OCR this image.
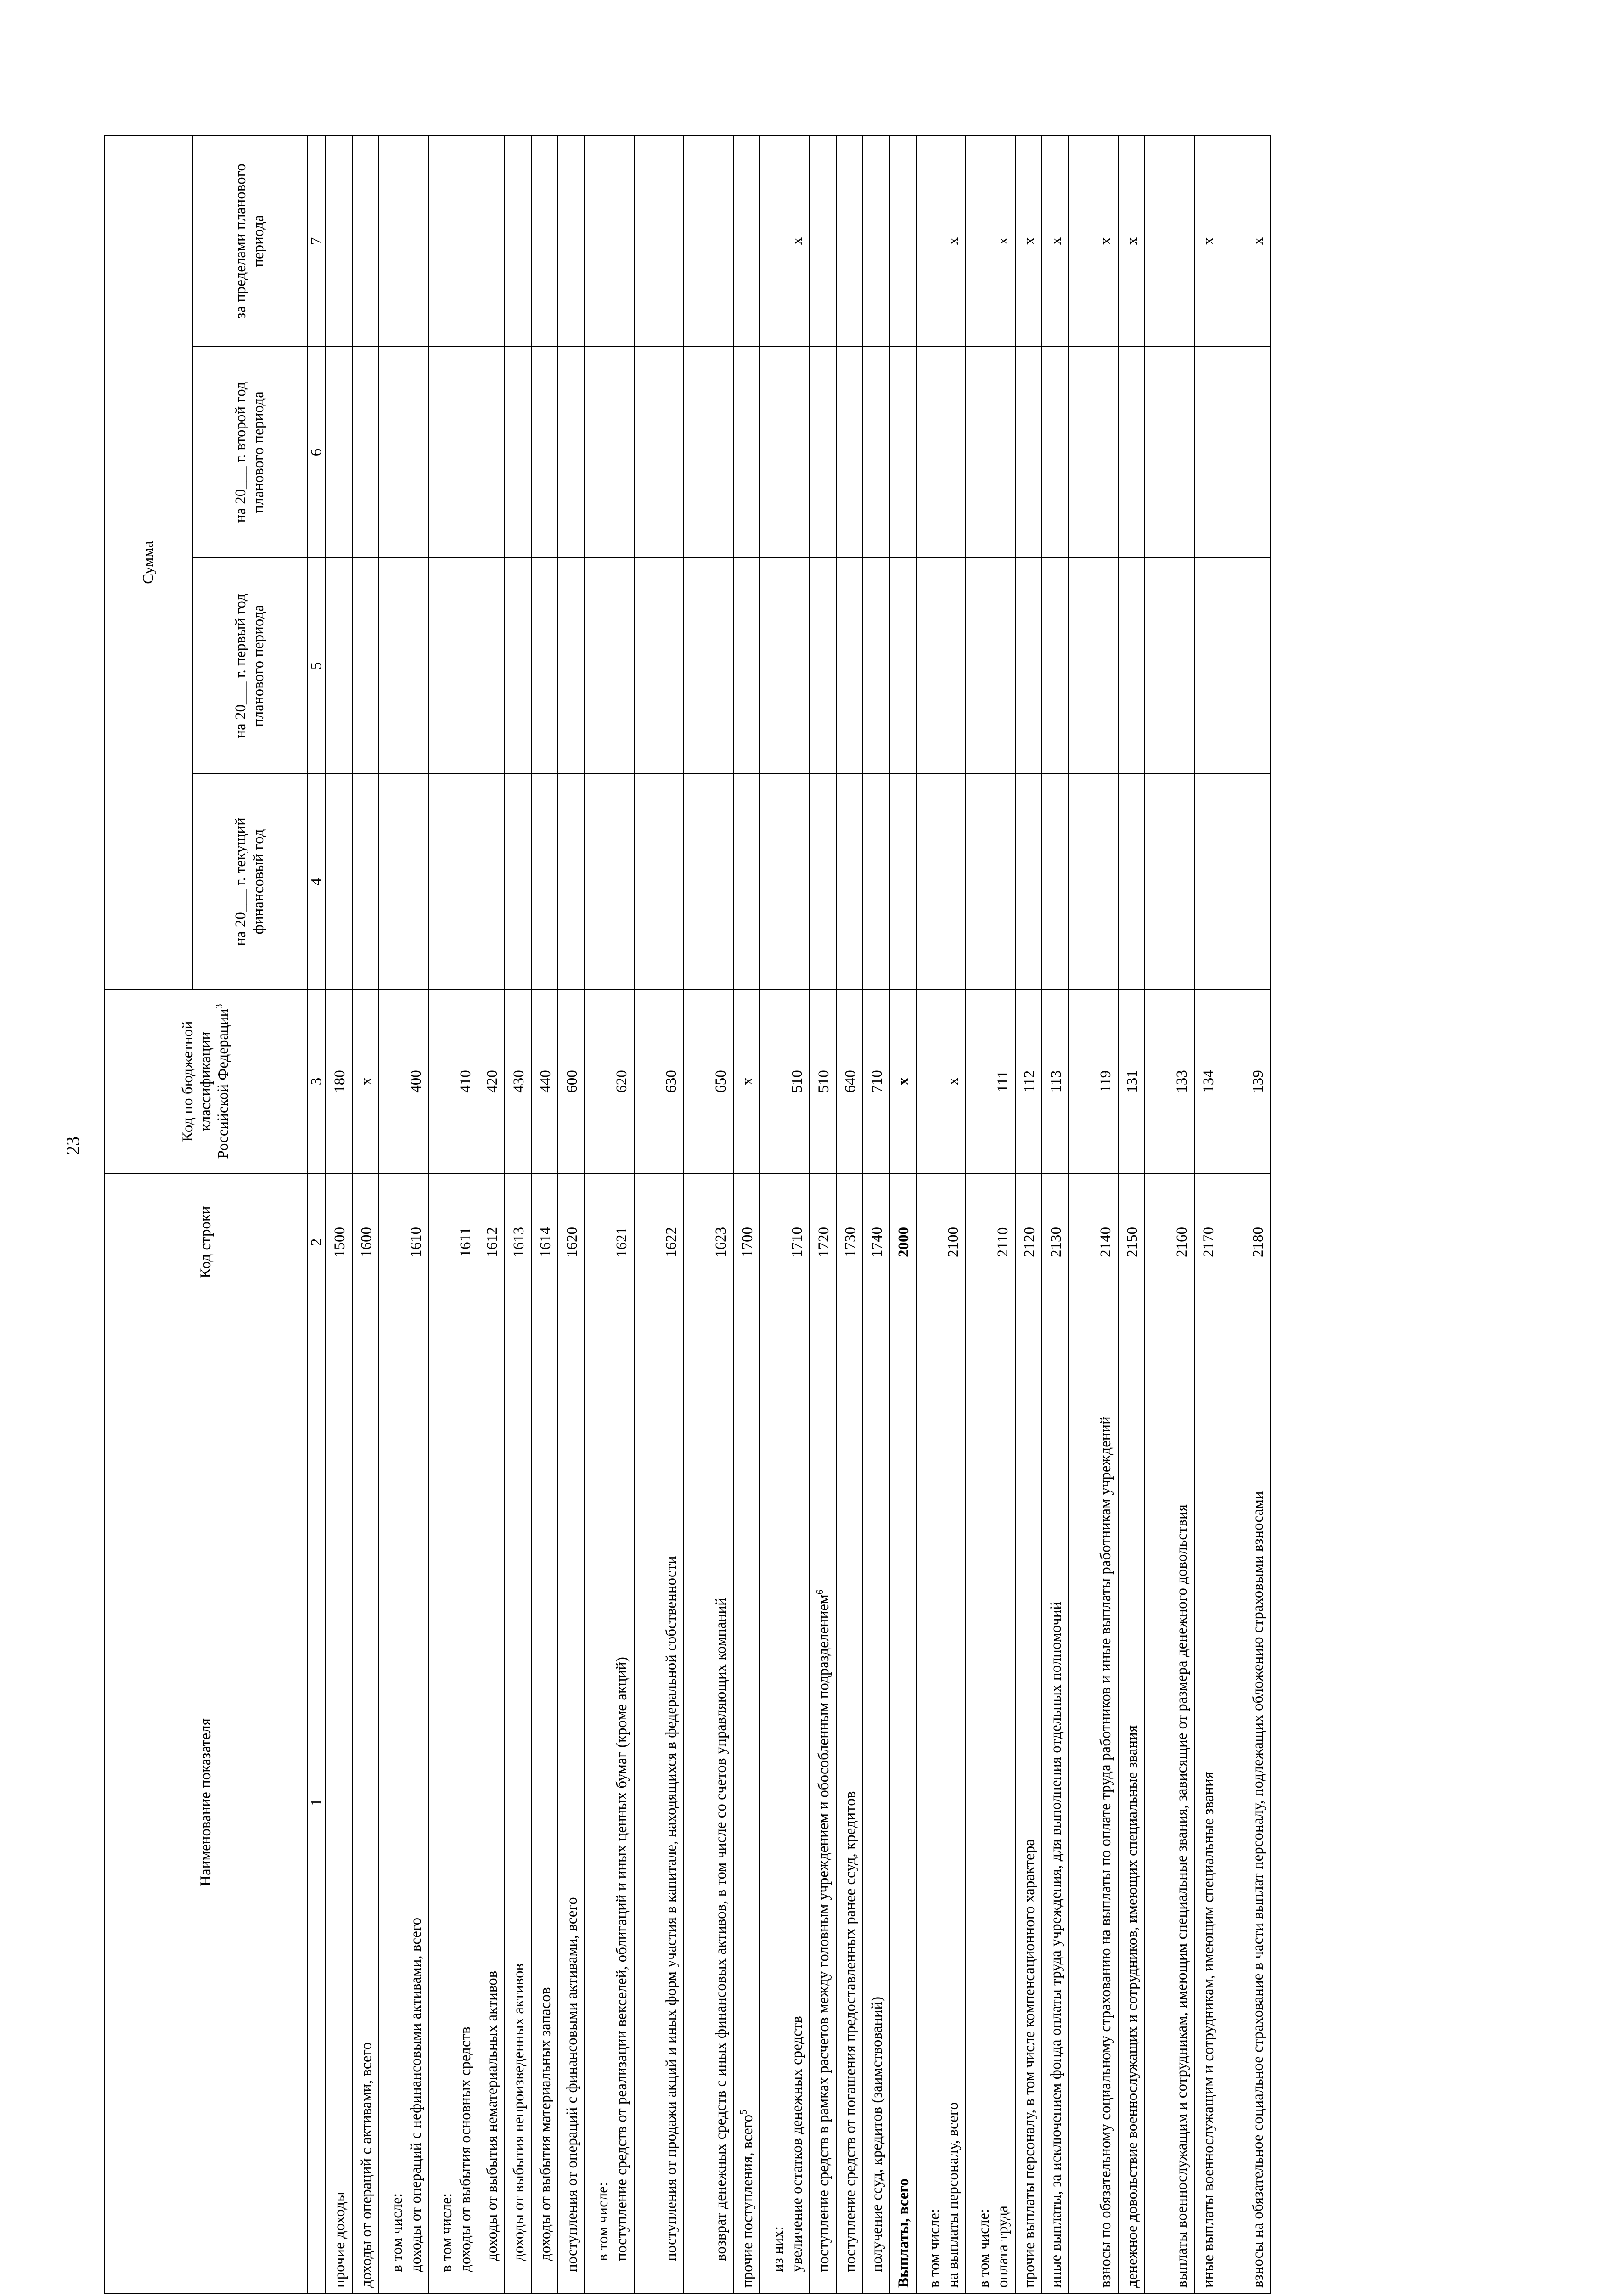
23
Наименование показателя	Код строки	Код по бюджетной классификации Российской Федерации$^3$	Сумма			
			на 20___ г. текущий финансовый год	на 20___ г. первый год планового периода	на 20___ г. второй год планового периода	за пределами планового периода
1	2	3	4	5	6	7
прочие доходы	1500	180				
доходы от операций с активами, всего	1600	x				

в том числе: доходы от операций с нефинансовыми активами, всего	1610	400				

в том числе: доходы от выбытия основных средств	1611	410				
доходы от выбытия нематериальных активов	1612	420				
доходы от выбытия непроизведенных активов	1613	430				
доходы от выбытия материальных запасов	1614	440				
поступления от операций с финансовыми активами, всего	1620	600				

в том числе: поступление средств от реализации векселей, облигаций и иных ценных бумаг (кроме акций)	1621	620				
поступления от продажи акций и иных форм участия в капитале, находящихся в федеральной собственности	1622	630				
возврат денежных средств с иных финансовых активов, в том числе со счетов управляющих компаний	1623	650				
прочие поступления, всего$^5$	1700	x				

из них: увеличение остатков денежных средств	1710	510				x
поступление средств в рамках расчетов между головным учреждением и обособленным подразделением$^6$	1720	510				
поступление средств от погашения предоставленных ранее ссуд, кредитов	1730	640				
получение ссуд, кредитов (заимствований)	1740	710				
Выплаты, всего	2000	x				

в том числе: на выплаты персоналу, всего	2100	x				x

в том числе: оплата труда	2110	111				x
прочие выплаты персоналу, в том числе компенсационного характера	2120	112				x
иные выплаты, за исключением фонда оплаты труда учреждения, для выполнения отдельных полномочий	2130	113				x
взносы по обязательному социальному страхованию на выплаты по оплате труда работников и иные выплаты работникам учреждений	2140	119				x
денежное довольствие военнослужащих и сотрудников, имеющих специальные звания	2150	131				x
выплаты военнослужащим и сотрудникам, имеющим специальные звания, зависящие от размера денежного довольствия	2160	133				
иные выплаты военнослужащим и сотрудникам, имеющим специальные звания	2170	134				x
взносы на обязательное социальное страхование в части выплат персоналу, подлежащих обложению страховыми взносами	2180	139				x
